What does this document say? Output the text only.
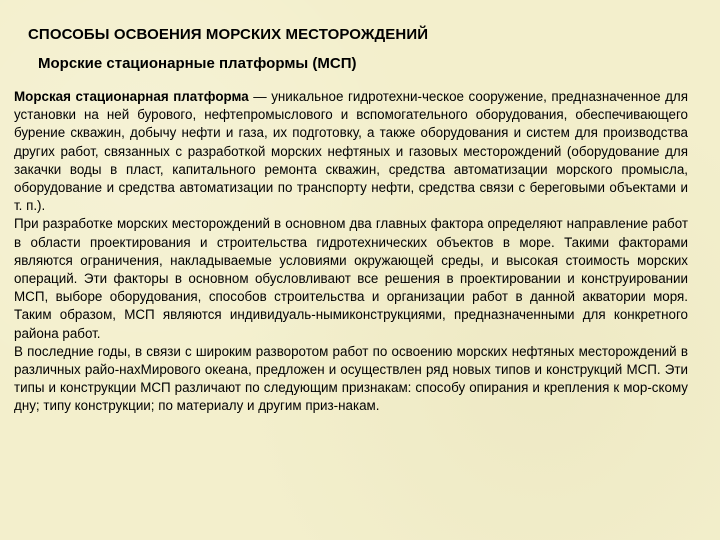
СПОСОБЫ ОСВОЕНИЯ МОРСКИХ МЕСТОРОЖДЕНИЙ
Морские стационарные платформы (МСП)

Морская стационарная платформа — уникальное гидротехни-ческое сооружение, предназначенное для установки на ней бурового, нефтепромыслового и вспомогательного оборудования, обеспечивающего бурение скважин, добычу нефти и газа, их подготовку, а также оборудования и систем для производства других работ, связанных с разработкой морских нефтяных и газовых месторождений (оборудование для закачки воды в пласт, капитального ремонта скважин, средства автоматизации морского промысла, оборудование и средства автоматизации по транспорту нефти, средства связи с береговыми объектами и т. п.).

При разработке морских месторождений в основном два главных фактора определяют направление работ в области проектирования и строительства гидротехнических объектов в море. Такими факторами являются ограничения, накладываемые условиями окружающей среды, и высокая стоимость морских операций. Эти факторы в основном обусловливают все решения в проектировании и конструировании МСП, выборе оборудования, способов строительства и организации работ в данной акватории моря. Таким образом, МСП являются индивидуаль-нымиконструкциями, предназначенными для конкретного района работ.

В последние годы, в связи с широким разворотом работ по освоению морских нефтяных месторождений в различных райо-нахМирового океана, предложен и осуществлен ряд новых типов и конструкций МСП. Эти типы и конструкции МСП различают по следующим признакам: способу опирания и крепления к мор-скому дну; типу конструкции; по материалу и другим приз-накам.
